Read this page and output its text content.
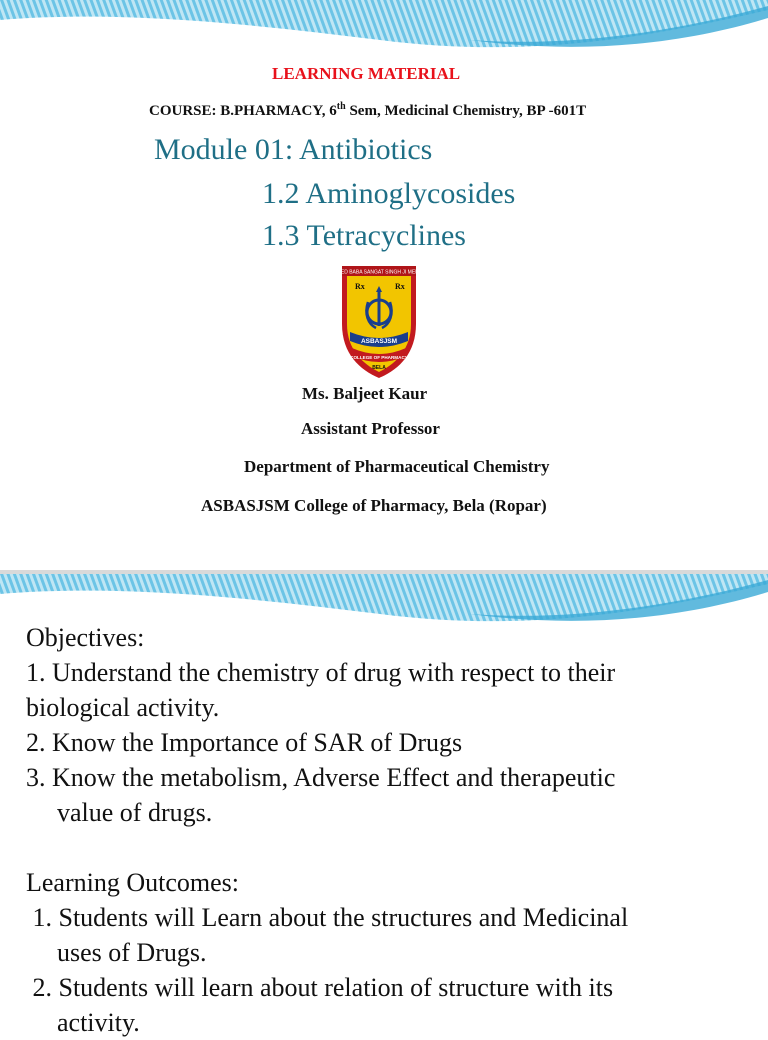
LEARNING MATERIAL
COURSE: B.PHARMACY, 6th Sem, Medicinal Chemistry, BP -601T
Module 01: Antibiotics
1.2 Aminoglycosides
1.3 Tetracyclines
SHAHEED BABA SANGAT SINGH JI MEMORIAL
Rx	Rx
ASBASJSM
COLLEGE OF PHARMACY
BELA
Ms. Baljeet Kaur
Assistant Professor
Department of Pharmaceutical Chemistry
ASBASJSM College of Pharmacy, Bela (Ropar)
Objectives:
1. Understand the chemistry of drug with respect to their
biological activity.
2. Know the Importance of SAR of Drugs
3. Know the metabolism, Adverse Effect and therapeutic
value of drugs.
Learning Outcomes:
1. Students will Learn about the structures and Medicinal
uses of Drugs.
2. Students will learn about relation of structure with its
activity.
